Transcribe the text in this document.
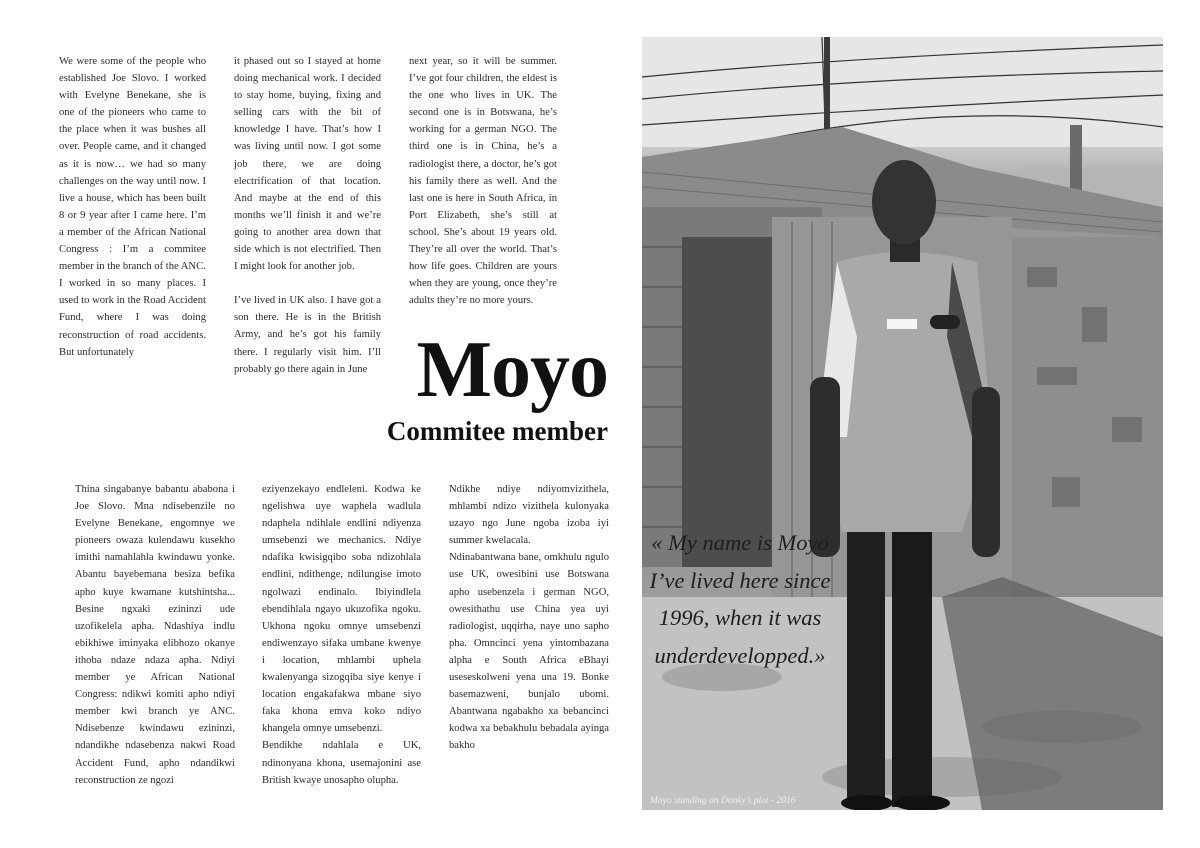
We were some of the people who established Joe Slovo. I worked with Evelyne Benekane, she is one of the pioneers who came to the place when it was bushes all over. People came, and it changed as it is now… we had so many challenges on the way until now. I live a house, which has been built 8 or 9 year after I came here. I’m a member of the African National Congress : I’m a commitee member in the branch of the ANC.

I worked in so many places. I used to work in the Road Accident Fund, where I was doing reconstruction of road accidents. But unfortunately

it phased out so I stayed at home doing mechanical work. I decided to stay home, buying, fixing and selling cars with the bit of knowledge I have. That’s how I was living until now. I got some job there, we are doing electrification of that location. And maybe at the end of this months we’ll finish it and we’re going to another area down that side which is not electrified. Then I might look for another job.

I’ve lived in UK also. I have got a son there. He is in the British Army, and he’s got his family there. I regularly visit him. I’ll probably go there again in June

next year, so it will be summer. I’ve got four children, the eldest is the one who lives in UK. The second one is in Botswana, he’s working for a german NGO. The third one is in China, he’s a radiologist there, a doctor, he’s got his family there as well. And the last one is here in South Africa, in Port Elizabeth, she’s still at school. She’s about 19 years old. They’re all over the world. That’s how life goes. Children are yours when they are young, once they’re adults they’re no more yours.

Moyo
Commitee member

Thina singabanye babantu ababona i Joe Slovo. Mna ndisebenzile no Evelyne Benekane, engomnye we pioneers owaza kulendawu kusekho imithi namahlahla kwindawu yonke. Abantu bayebemana besiza befika apho kuye kwamane kutshintsha... Besine ngxaki ezininzi ude uzofikelela apha. Ndashiya indlu ebikhiwe iminyaka elibhozo okanye ithoba ndaze ndaza apha. Ndiyi member ye African National Congress: ndikwi komiti apho ndiyi member kwi branch ye ANC. Ndisebenze kwindawu ezininzi, ndandikhe ndasebenza nakwi Road Accident Fund, apho ndandikwi reconstruction ze ngozi

eziyenzekayo endleleni. Kodwa ke ngelishwa uye waphela wadlula ndaphela ndihlale endlini ndiyenza umsebenzi we mechanics. Ndiye ndafika kwisigqibo soba ndizohlala endlini, ndithenge, ndilungise imoto ngolwazi endinalo. Ibiyindlela ebendihlala ngayo ukuzofika ngoku. Ukhona ngoku omnye umsebenzi endiwenzayo sifaka umbane kwenye i location, mhlambi uphela kwalenyanga sizogqiba siye kenye i location engakafakwa mbane siyo faka khona emva koko ndiyo khangela omnye umsebenzi.

Bendikhe ndahlala e UK, ndinonyana khona, usemajonini ase British kwaye unosapho olupha.

Ndikhe ndiye ndiyomvizithela, mhlambi ndizo vizithela kulonyaka uzayo ngo June ngoba izoba iyi summer kwelacala.

Ndinabantwana bane, omkhulu ngulo use UK, owesibini use Botswana apho usebenzela i german NGO, owesithathu use China yea uyi radiologist, uqqirha, naye uno sapho pha. Omncinci yena yintombazana alpha e South Africa eBhayi useseskolweni yena una 19. Bonke basemazweni, bunjalo ubomi. Abantwana ngabakho xa bebancinci kodwa xa bebakhulu bebadala ayinga bakho

« My name is Moyo I’ve lived here since 1996, when it was underdevelopped.»

Moyo standing on Donky’s plot - 2016
